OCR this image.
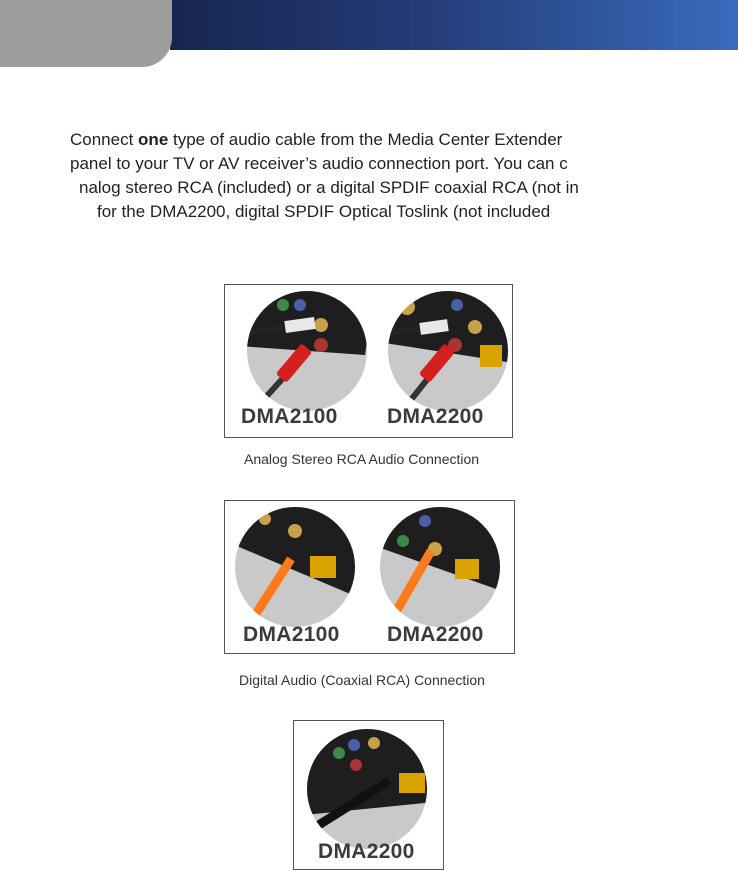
Connect one type of audio cable from the Media Center Extender
panel to your TV or AV receiver’s audio connection port. You can c
nalog stereo RCA (included) or a digital SPDIF coaxial RCA (not in
for the DMA2200, digital SPDIF Optical Toslink (not included
DMA2100 DMA2200
Analog Stereo RCA Audio Connection
DMA2100 DMA2200
Digital Audio (Coaxial RCA) Connection
DMA2200
